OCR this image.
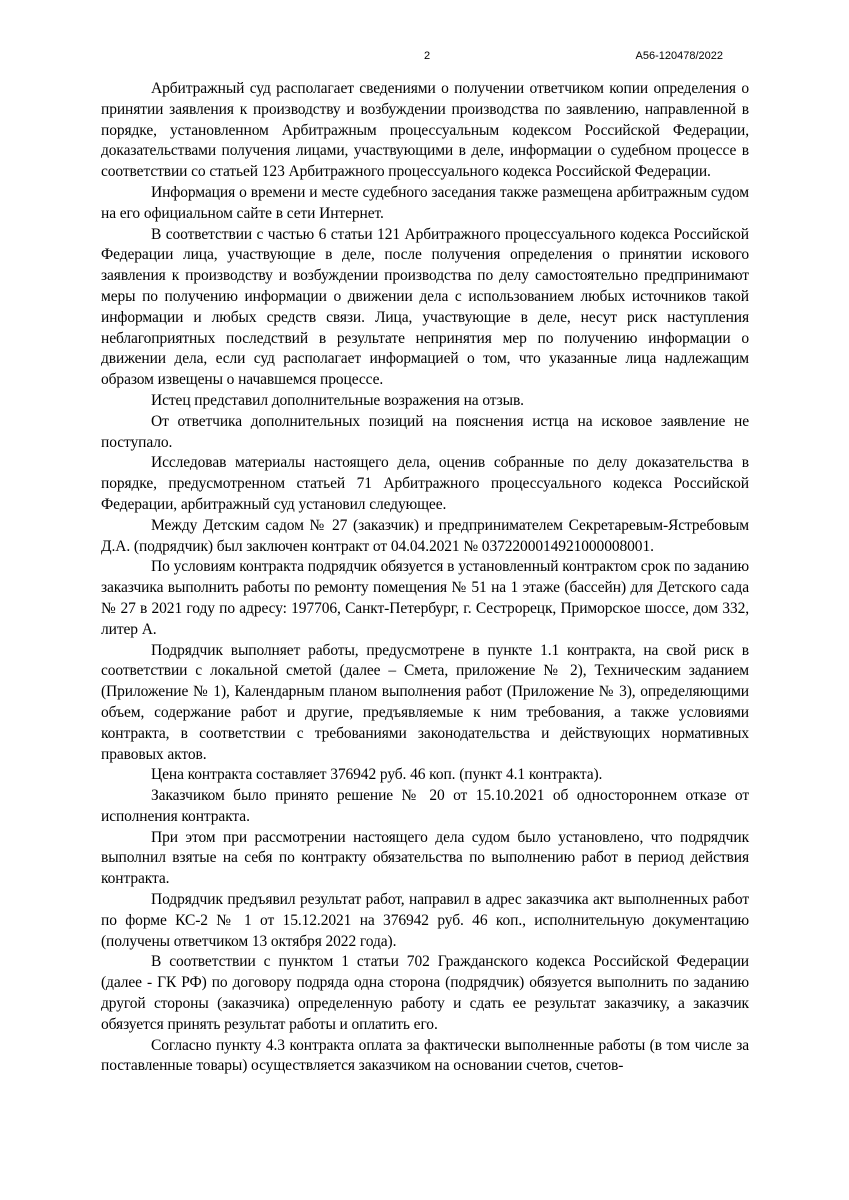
2	А56-120478/2022

Арбитражный суд располагает сведениями о получении ответчиком копии определения о принятии заявления к производству и возбуждении производства по заявлению, направленной в порядке, установленном Арбитражным процессуальным кодексом Российской Федерации, доказательствами получения лицами, участвующими в деле, информации о судебном процессе в соответствии со статьей 123 Арбитражного процессуального кодекса Российской Федерации.

Информация о времени и месте судебного заседания также размещена арбитражным судом на его официальном сайте в сети Интернет.

В соответствии с частью 6 статьи 121 Арбитражного процессуального кодекса Российской Федерации лица, участвующие в деле, после получения определения о принятии искового заявления к производству и возбуждении производства по делу самостоятельно предпринимают меры по получению информации о движении дела с использованием любых источников такой информации и любых средств связи. Лица, участвующие в деле, несут риск наступления неблагоприятных последствий в результате непринятия мер по получению информации о движении дела, если суд располагает информацией о том, что указанные лица надлежащим образом извещены о начавшемся процессе.

Истец представил дополнительные возражения на отзыв.

От ответчика дополнительных позиций на пояснения истца на исковое заявление не поступало.

Исследовав материалы настоящего дела, оценив собранные по делу доказательства в порядке, предусмотренном статьей 71 Арбитражного процессуального кодекса Российской Федерации, арбитражный суд установил следующее.

Между Детским садом № 27 (заказчик) и предпринимателем Секретаревым-Ястребовым Д.А. (подрядчик) был заключен контракт от 04.04.2021 № 0372200014921000008001.

По условиям контракта подрядчик обязуется в установленный контрактом срок по заданию заказчика выполнить работы по ремонту помещения № 51 на 1 этаже (бассейн) для Детского сада № 27 в 2021 году по адресу: 197706, Санкт-Петербург, г. Сестрорецк, Приморское шоссе, дом 332, литер А.

Подрядчик выполняет работы, предусмотрене в пункте 1.1 контракта, на свой риск в соответствии с локальной сметой (далее – Смета, приложение № 2), Техническим заданием (Приложение № 1), Календарным планом выполнения работ (Приложение № 3), определяющими объем, содержание работ и другие, предъявляемые к ним требования, а также условиями контракта, в соответствии с требованиями законодательства и действующих нормативных правовых актов.

Цена контракта составляет 376942 руб. 46 коп. (пункт 4.1 контракта).

Заказчиком было принято решение № 20 от 15.10.2021 об одностороннем отказе от исполнения контракта.

При этом при рассмотрении настоящего дела судом было установлено, что подрядчик выполнил взятые на себя по контракту обязательства по выполнению работ в период действия контракта.

Подрядчик предъявил результат работ, направил в адрес заказчика акт выполненных работ по форме КС-2 № 1 от 15.12.2021 на 376942 руб. 46 коп., исполнительную документацию (получены ответчиком 13 октября 2022 года).

В соответствии с пунктом 1 статьи 702 Гражданского кодекса Российской Федерации (далее - ГК РФ) по договору подряда одна сторона (подрядчик) обязуется выполнить по заданию другой стороны (заказчика) определенную работу и сдать ее результат заказчику, а заказчик обязуется принять результат работы и оплатить его.

Согласно пункту 4.3 контракта оплата за фактически выполненные работы (в том числе за поставленные товары) осуществляется заказчиком на основании счетов, счетов-
